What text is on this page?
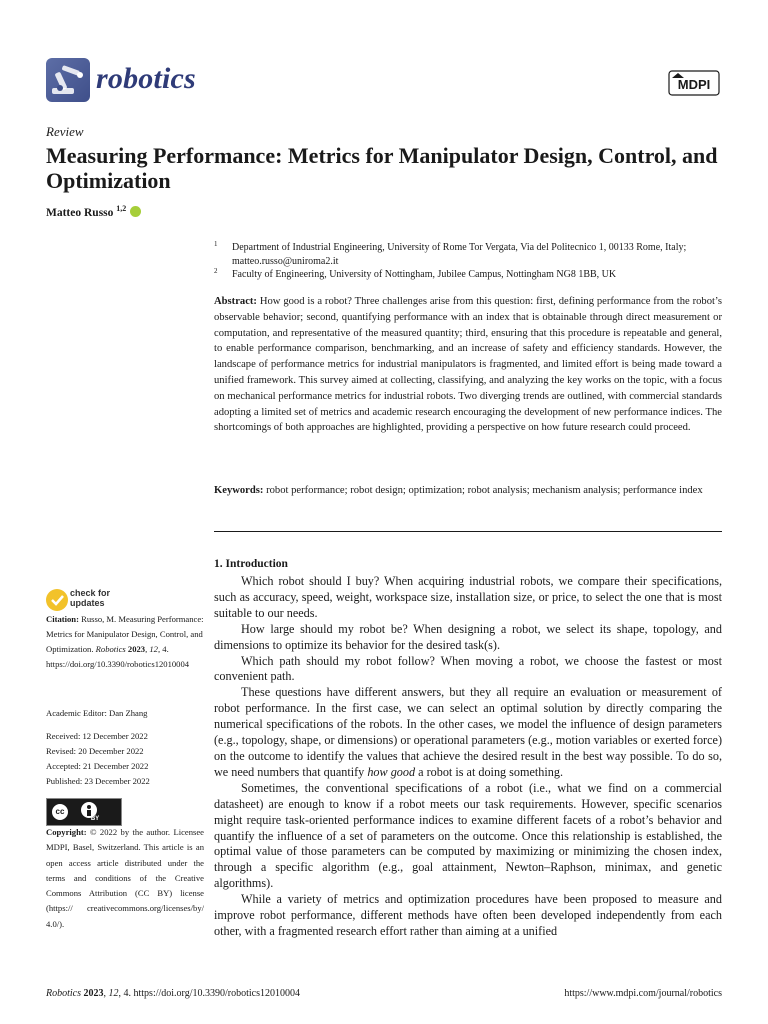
robotics	MDPI
Review
Measuring Performance: Metrics for Manipulator Design, Control, and Optimization
Matteo Russo $^{1,2}$
1 Department of Industrial Engineering, University of Rome Tor Vergata, Via del Politecnico 1, 00133 Rome, Italy; matteo.russo@uniroma2.it
2 Faculty of Engineering, University of Nottingham, Jubilee Campus, Nottingham NG8 1BB, UK
Abstract: How good is a robot? Three challenges arise from this question: first, defining performance from the robot’s observable behavior; second, quantifying performance with an index that is obtainable through direct measurement or computation, and representative of the measured quantity; third, ensuring that this procedure is repeatable and general, to enable performance comparison, benchmarking, and an increase of safety and efficiency standards. However, the landscape of performance metrics for industrial manipulators is fragmented, and limited effort is being made toward a unified framework. This survey aimed at collecting, classifying, and analyzing the key works on the topic, with a focus on mechanical performance metrics for industrial robots. Two diverging trends are outlined, with commercial standards adopting a limited set of metrics and academic research encouraging the development of new performance indices. The shortcomings of both approaches are highlighted, providing a perspective on how future research could proceed.
Keywords: robot performance; robot design; optimization; robot analysis; mechanism analysis; performance index
1. Introduction

Which robot should I buy? When acquiring industrial robots, we compare their specifications, such as accuracy, speed, weight, workspace size, installation size, or price, to select the one that is most suitable to our needs.

How large should my robot be? When designing a robot, we select its shape, topology, and dimensions to optimize its behavior for the desired task(s).

Which path should my robot follow? When moving a robot, we choose the fastest or most convenient path.

These questions have different answers, but they all require an evaluation or measurement of robot performance. In the first case, we can select an optimal solution by directly comparing the numerical specifications of the robots. In the other cases, we model the influence of design parameters (e.g., topology, shape, or dimensions) or operational parameters (e.g., motion variables or exerted force) on the outcome to identify the values that achieve the desired result in the best way possible. To do so, we need numbers that quantify how good a robot is at doing something.

Sometimes, the conventional specifications of a robot (i.e., what we find on a commercial datasheet) are enough to know if a robot meets our task requirements. However, specific scenarios might require task-oriented performance indices to examine different facets of a robot’s behavior and quantify the influence of a set of parameters on the outcome. Once this relationship is established, the optimal value of those parameters can be computed by maximizing or minimizing the chosen index, through a specific algorithm (e.g., goal attainment, Newton–Raphson, minimax, and genetic algorithms).

While a variety of metrics and optimization procedures have been proposed to measure and improve robot performance, different methods have often been developed independently from each other, with a fragmented research effort rather than aiming at a unified

check for
updates
Citation: Russo, M. Measuring Performance: Metrics for Manipulator Design, Control, and Optimization. Robotics 2023, 12, 4. https://doi.org/10.3390/robotics12010004
Academic Editor: Dan Zhang
Received: 12 December 2022
Revised: 20 December 2022
Accepted: 21 December 2022
Published: 23 December 2022
cc
BY
Copyright: © 2022 by the author. Licensee MDPI, Basel, Switzerland. This article is an open access article distributed under the terms and conditions of the Creative Commons Attribution (CC BY) license (https:// creativecommons.org/licenses/by/ 4.0/).
Robotics 2023, 12, 4. https://doi.org/10.3390/robotics12010004	https://www.mdpi.com/journal/robotics
